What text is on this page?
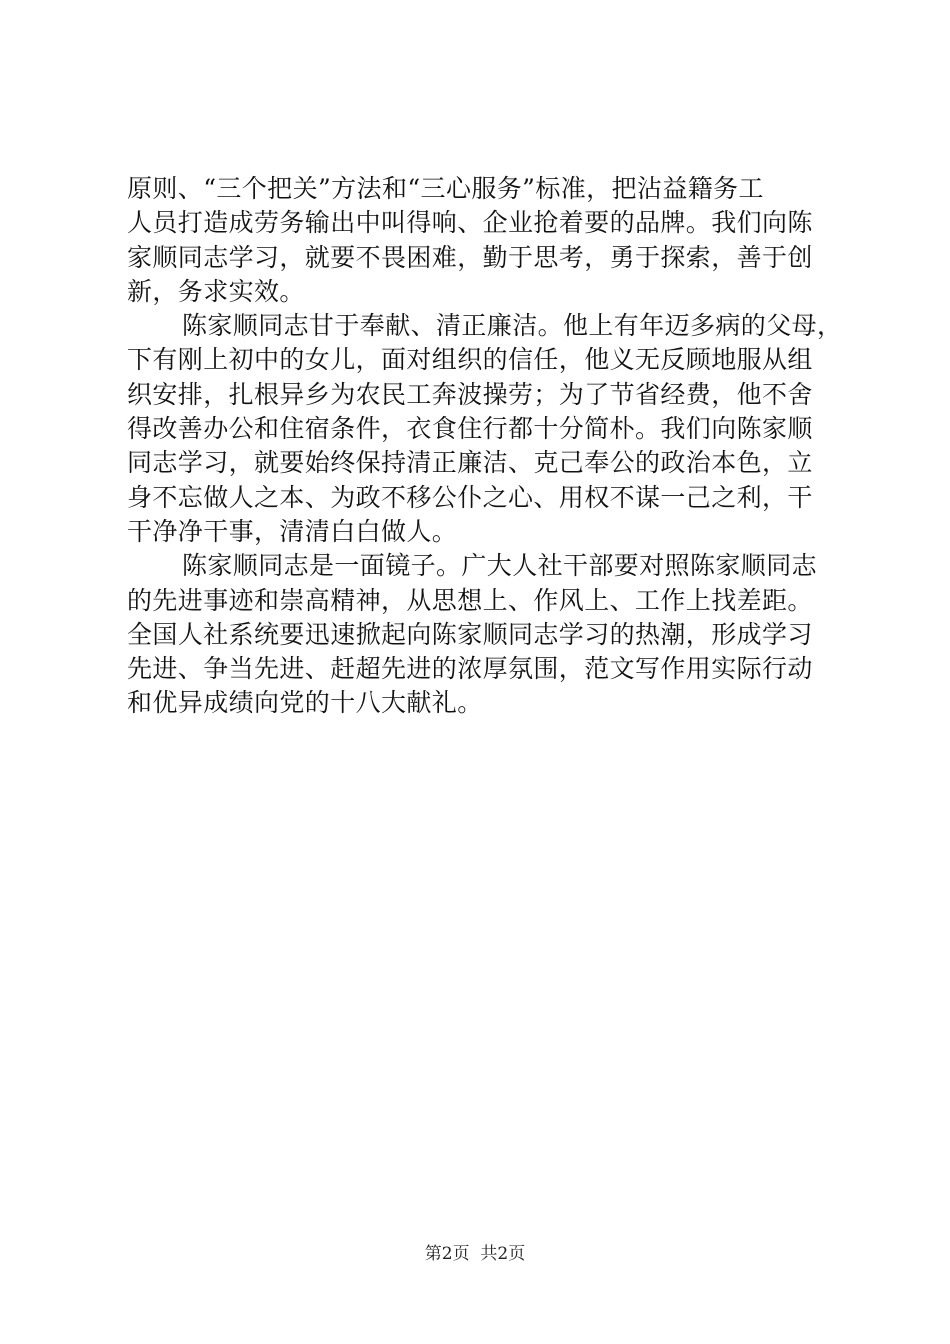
原则、“三个把关”方法和“三心服务”标准，把沾益籍务工
人员打造成劳务输出中叫得响、企业抢着要的品牌。我们向陈
家顺同志学习，就要不畏困难，勤于思考，勇于探索，善于创
新，务求实效。
陈家顺同志甘于奉献、清正廉洁。他上有年迈多病的父母，
下有刚上初中的女儿，面对组织的信任，他义无反顾地服从组
织安排，扎根异乡为农民工奔波操劳；为了节省经费，他不舍
得改善办公和住宿条件，衣食住行都十分简朴。我们向陈家顺
同志学习，就要始终保持清正廉洁、克己奉公的政治本色，立
身不忘做人之本、为政不移公仆之心、用权不谋一己之利，干
干净净干事，清清白白做人。
陈家顺同志是一面镜子。广大人社干部要对照陈家顺同志
的先进事迹和崇高精神，从思想上、作风上、工作上找差距。
全国人社系统要迅速掀起向陈家顺同志学习的热潮，形成学习
先进、争当先进、赶超先进的浓厚氛围，范文写作用实际行动
和优异成绩向党的十八大献礼。
第2页 共2页
